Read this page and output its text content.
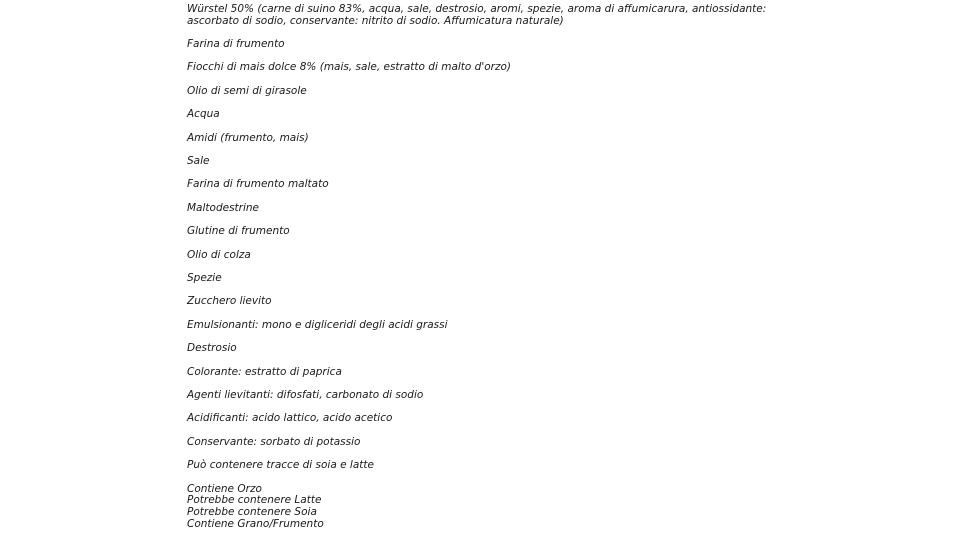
Würstel 50% (carne di suino 83%, acqua, sale, destrosio, aromi, spezie, aroma di affumicarura, antiossidante: ascorbato di sodio, conservante: nitrito di sodio. Affumicatura naturale)

Farina di frumento

Fiocchi di mais dolce 8% (mais, sale, estratto di malto d'orzo)

Olio di semi di girasole

Acqua

Amidi (frumento, mais)

Sale

Farina di frumento maltato

Maltodestrine

Glutine di frumento

Olio di colza

Spezie

Zucchero lievito

Emulsionanti: mono e digliceridi degli acidi grassi

Destrosio

Colorante: estratto di paprica

Agenti lievitanti: difosfati, carbonato di sodio

Acidificanti: acido lattico, acido acetico

Conservante: sorbato di potassio

Può contenere tracce di soia e latte

Contiene Orzo

Potrebbe contenere Latte

Potrebbe contenere Soia

Contiene Grano/Frumento
